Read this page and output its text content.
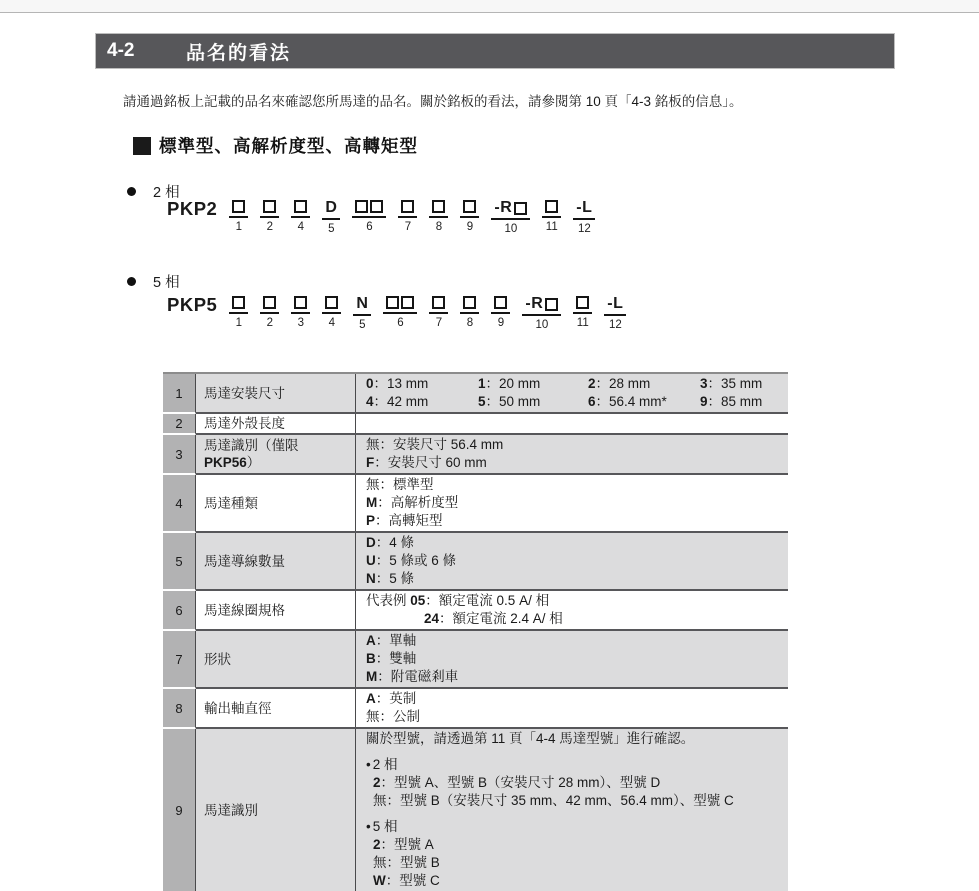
4-2	品名的看法
請通過銘板上記載的品名來確認您所馬達的品名。關於銘板的看法，請參閱第 10 頁「4-3 銘板的信息」。
標準型、高解析度型、高轉矩型
2 相
PKP2
1 2 4
D
5	6	7 8 9
-R
10 11
-L
12
5 相
PKP5
1 2 3 4
N
5	6	7 8 9
-R
10 11
-L
12
1	馬達安裝尺寸
0：13 mm	1：20 mm	2：28 mm	3：35 mm
4：42 mm	5：50 mm	6：56.4 mm*	9：85 mm
2	馬達外殼長度
3
馬達識別（僅限 PKP56）
無：安裝尺寸 56.4 mm
F：安裝尺寸 60 mm
4	馬達種類
無：標準型
M：高解析度型
P：高轉矩型
5	馬達導線數量
D：4 條
U：5 條或 6 條
N：5 條
6	馬達線圈規格
代表例 05：額定電流 0.5 A/ 相
24：額定電流 2.4 A/ 相
7	形狀
A：單軸
B：雙軸
M：附電磁剎車
8	輸出軸直徑
A：英制
無：公制
9	馬達識別
關於型號，請透過第 11 頁「4-4 馬達型號」進行確認。
• 2 相
2：型號 A、型號 B（安裝尺寸 28 mm）、型號 D
無：型號 B（安裝尺寸 35 mm、42 mm、56.4 mm）、型號 C
• 5 相
2：型號 A
無：型號 B
W：型號 C
